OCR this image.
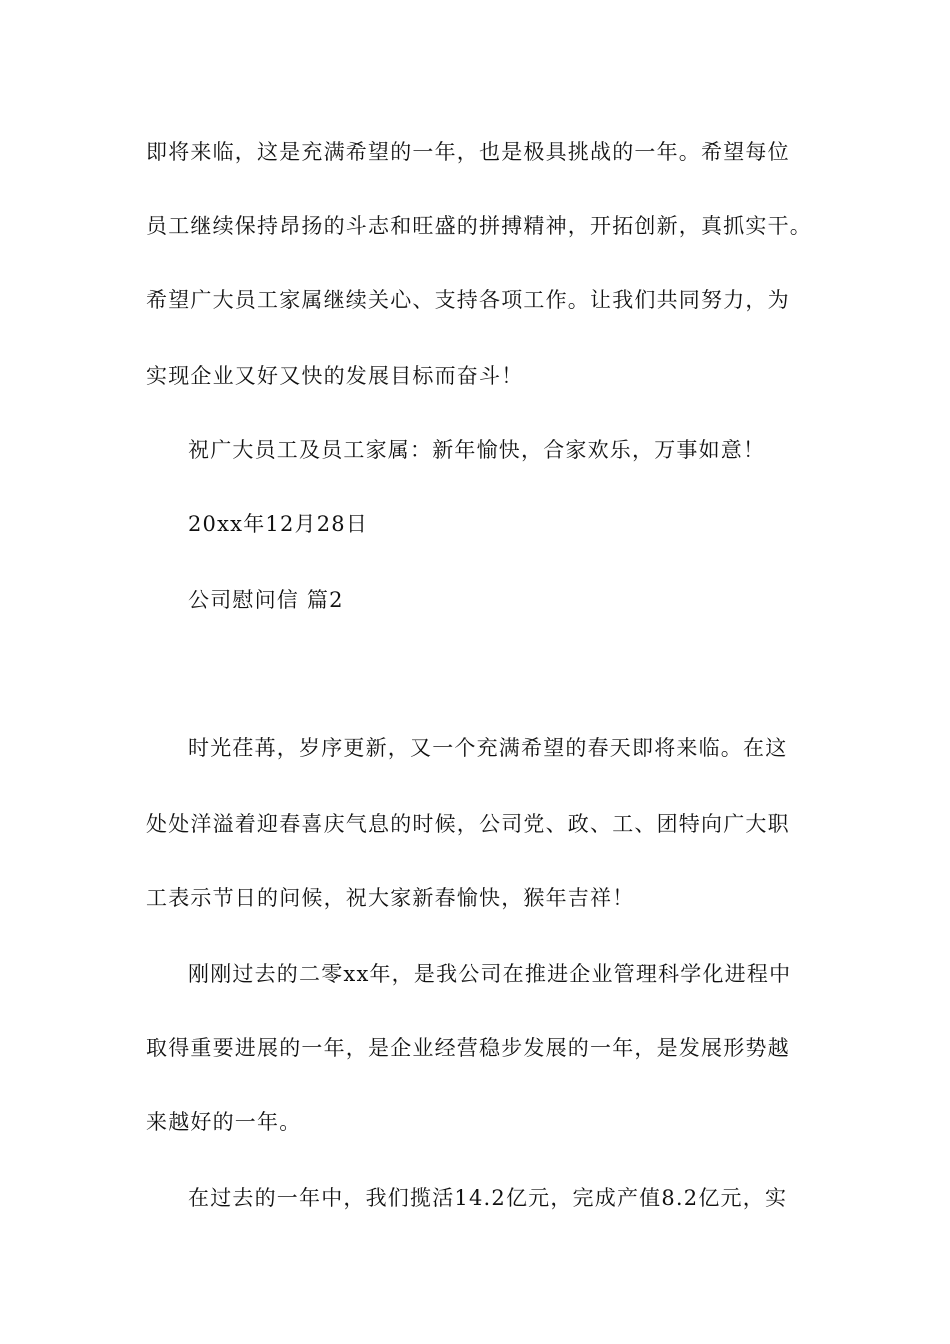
即将来临，这是充满希望的一年，也是极具挑战的一年。希望每位
员工继续保持昂扬的斗志和旺盛的拼搏精神，开拓创新，真抓实干。
希望广大员工家属继续关心、支持各项工作。让我们共同努力，为
实现企业又好又快的发展目标而奋斗！
祝广大员工及员工家属：新年愉快，合家欢乐，万事如意！
20xx年12月28日
公司慰问信 篇2
时光荏苒，岁序更新，又一个充满希望的春天即将来临。在这
处处洋溢着迎春喜庆气息的时候，公司党、政、工、团特向广大职
工表示节日的问候，祝大家新春愉快，猴年吉祥！
刚刚过去的二零xx年，是我公司在推进企业管理科学化进程中
取得重要进展的一年，是企业经营稳步发展的一年，是发展形势越
来越好的一年。
在过去的一年中，我们揽活14.2亿元，完成产值8.2亿元，实
